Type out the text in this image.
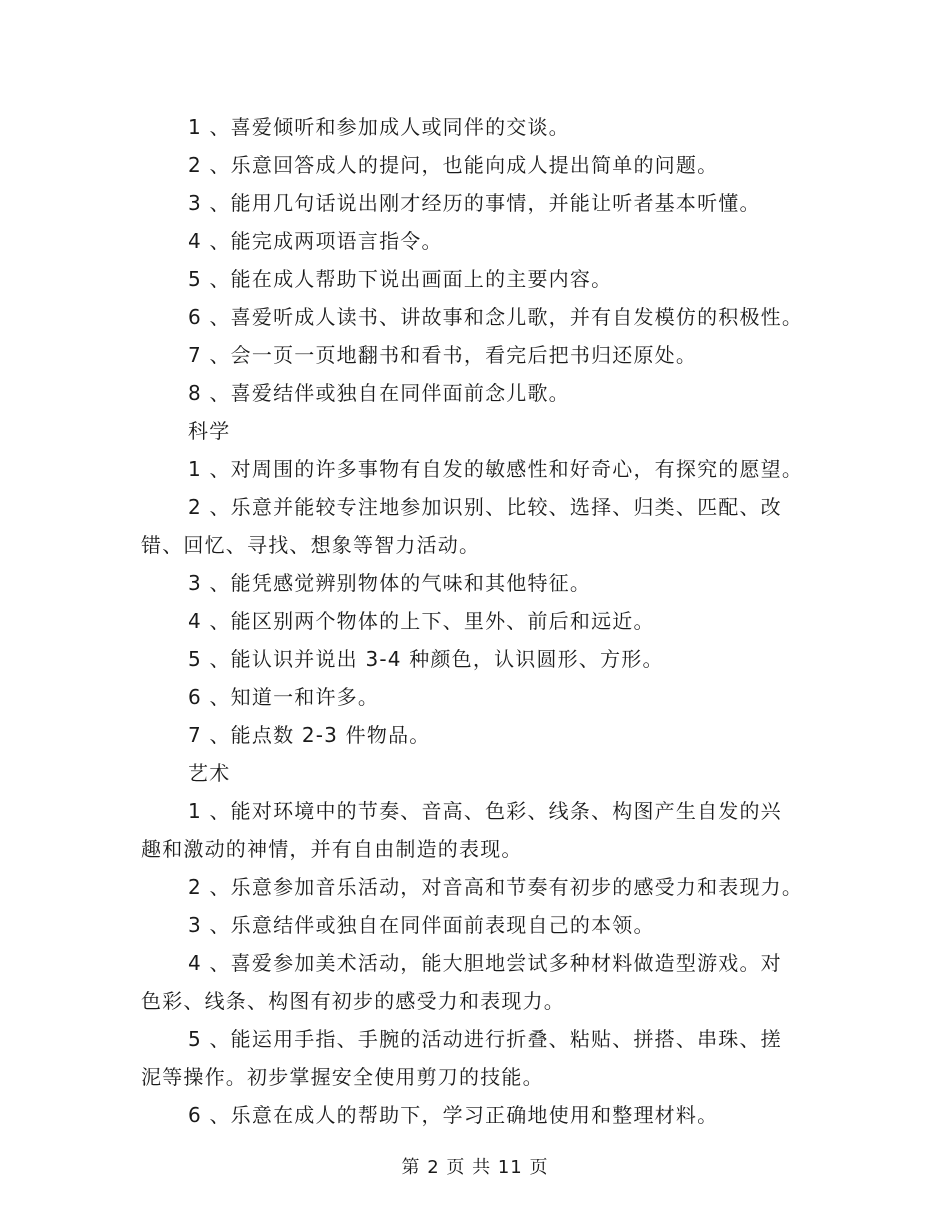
1 、喜爱倾听和参加成人或同伴的交谈。
2 、乐意回答成人的提问，也能向成人提出简单的问题。
3 、能用几句话说出刚才经历的事情，并能让听者基本听懂。
4 、能完成两项语言指令。
5 、能在成人帮助下说出画面上的主要内容。
6 、喜爱听成人读书、讲故事和念儿歌，并有自发模仿的积极性。
7 、会一页一页地翻书和看书，看完后把书归还原处。
8 、喜爱结伴或独自在同伴面前念儿歌。
科学
1 、对周围的许多事物有自发的敏感性和好奇心，有探究的愿望。
2 、乐意并能较专注地参加识别、比较、选择、归类、匹配、改
错、回忆、寻找、想象等智力活动。
3 、能凭感觉辨别物体的气味和其他特征。
4 、能区别两个物体的上下、里外、前后和远近。
5 、能认识并说出 3-4 种颜色，认识圆形、方形。
6 、知道一和许多。
7 、能点数 2-3 件物品。
艺术
1 、能对环境中的节奏、音高、色彩、线条、构图产生自发的兴
趣和激动的神情，并有自由制造的表现。
2 、乐意参加音乐活动，对音高和节奏有初步的感受力和表现力。
3 、乐意结伴或独自在同伴面前表现自己的本领。
4 、喜爱参加美术活动，能大胆地尝试多种材料做造型游戏。对
色彩、线条、构图有初步的感受力和表现力。
5 、能运用手指、手腕的活动进行折叠、粘贴、拼搭、串珠、搓
泥等操作。初步掌握安全使用剪刀的技能。
6 、乐意在成人的帮助下，学习正确地使用和整理材料。
第 2 页 共 11 页
